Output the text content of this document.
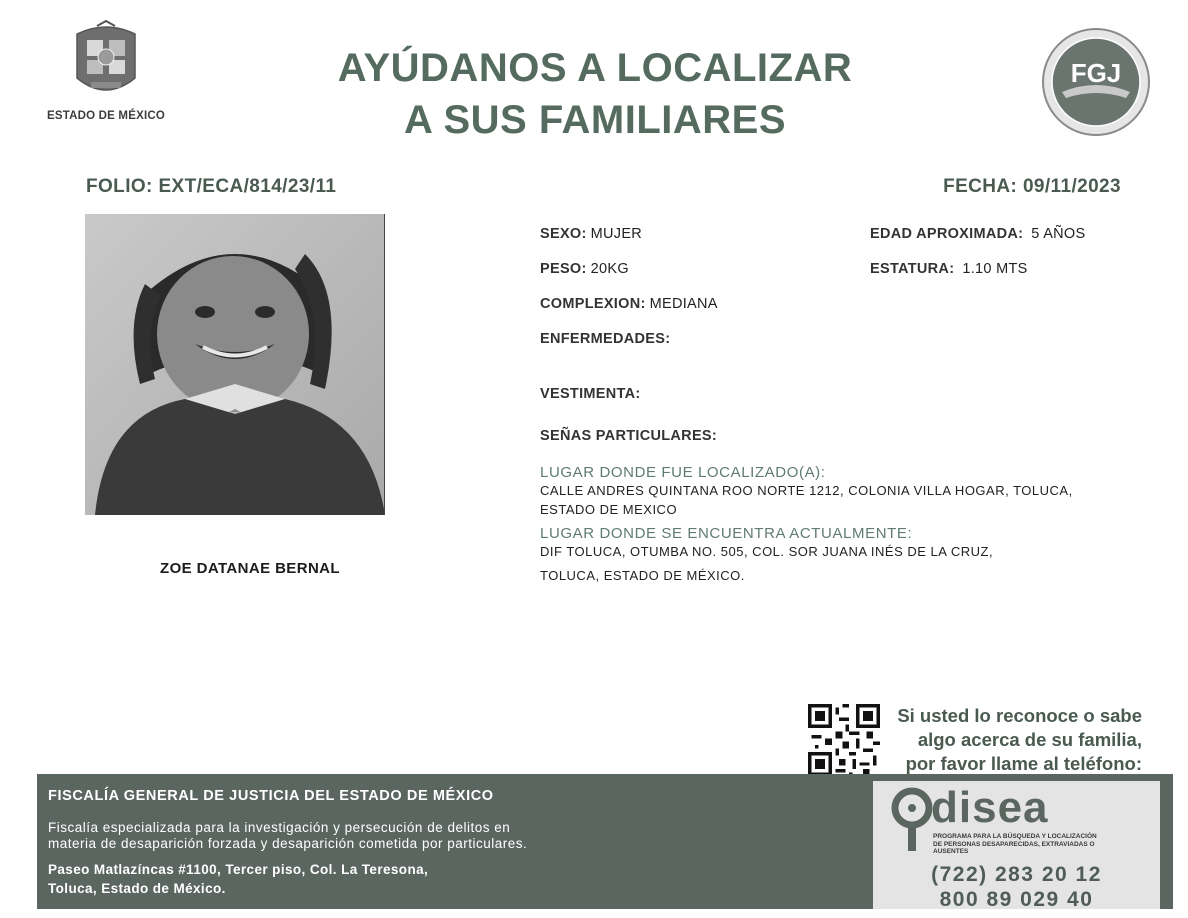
ESTADO DE MÉXICO
AYÚDANOS A LOCALIZAR
A SUS FAMILIARES
FGJ
FOLIO: EXT/ECA/814/23/11	FECHA: 09/11/2023
ZOE DATANAE BERNAL
SEXO: MUJER	EDAD APROXIMADA: 5 AÑOS
PESO: 20KG	ESTATURA: 1.10 MTS
COMPLEXION: MEDIANA
ENFERMEDADES:
VESTIMENTA:
SEÑAS PARTICULARES:
LUGAR DONDE FUE LOCALIZADO(A):
CALLE ANDRES QUINTANA ROO NORTE 1212, COLONIA VILLA HOGAR, TOLUCA,
ESTADO DE MEXICO
LUGAR DONDE SE ENCUENTRA ACTUALMENTE:
DIF TOLUCA, OTUMBA NO. 505, COL. SOR JUANA INÉS DE LA CRUZ,
TOLUCA, ESTADO DE MÉXICO.
Si usted lo reconoce o sabe
algo acerca de su familia,
por favor llame al teléfono:
FISCALÍA GENERAL DE JUSTICIA DEL ESTADO DE MÉXICO
Fiscalía especializada para la investigación y persecución de delitos en
materia de desaparición forzada y desaparición cometida por particulares.
Paseo Matlazíncas #1100, Tercer piso, Col. La Teresona,
Toluca, Estado de México.
disea
PROGRAMA PARA LA BÚSQUEDA Y LOCALIZACIÓN
DE PERSONAS DESAPARECIDAS, EXTRAVIADAS O
AUSENTES
(722) 283 20 12
800 89 029 40
